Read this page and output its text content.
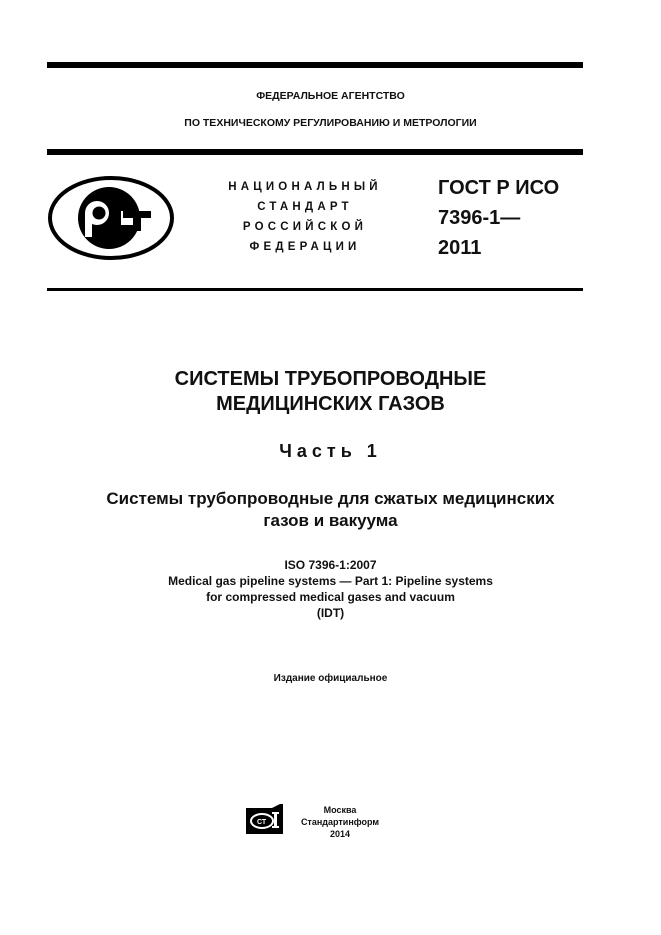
ФЕДЕРАЛЬНОЕ АГЕНТСТВО
ПО ТЕХНИЧЕСКОМУ РЕГУЛИРОВАНИЮ И МЕТРОЛОГИИ
НАЦИОНАЛЬНЫЙ
СТАНДАРТ
РОССИЙСКОЙ
ФЕДЕРАЦИИ
ГОСТ Р ИСО
7396-1—
2011
СИСТЕМЫ ТРУБОПРОВОДНЫЕ
МЕДИЦИНСКИХ ГАЗОВ
Часть 1
Системы трубопроводные для сжатых медицинских
газов и вакуума
ISO 7396-1:2007
Medical gas pipeline systems — Part 1: Pipeline systems
for compressed medical gases and vacuum
(IDT)
Издание официальное
СТ
Москва
Стандартинформ
2014
